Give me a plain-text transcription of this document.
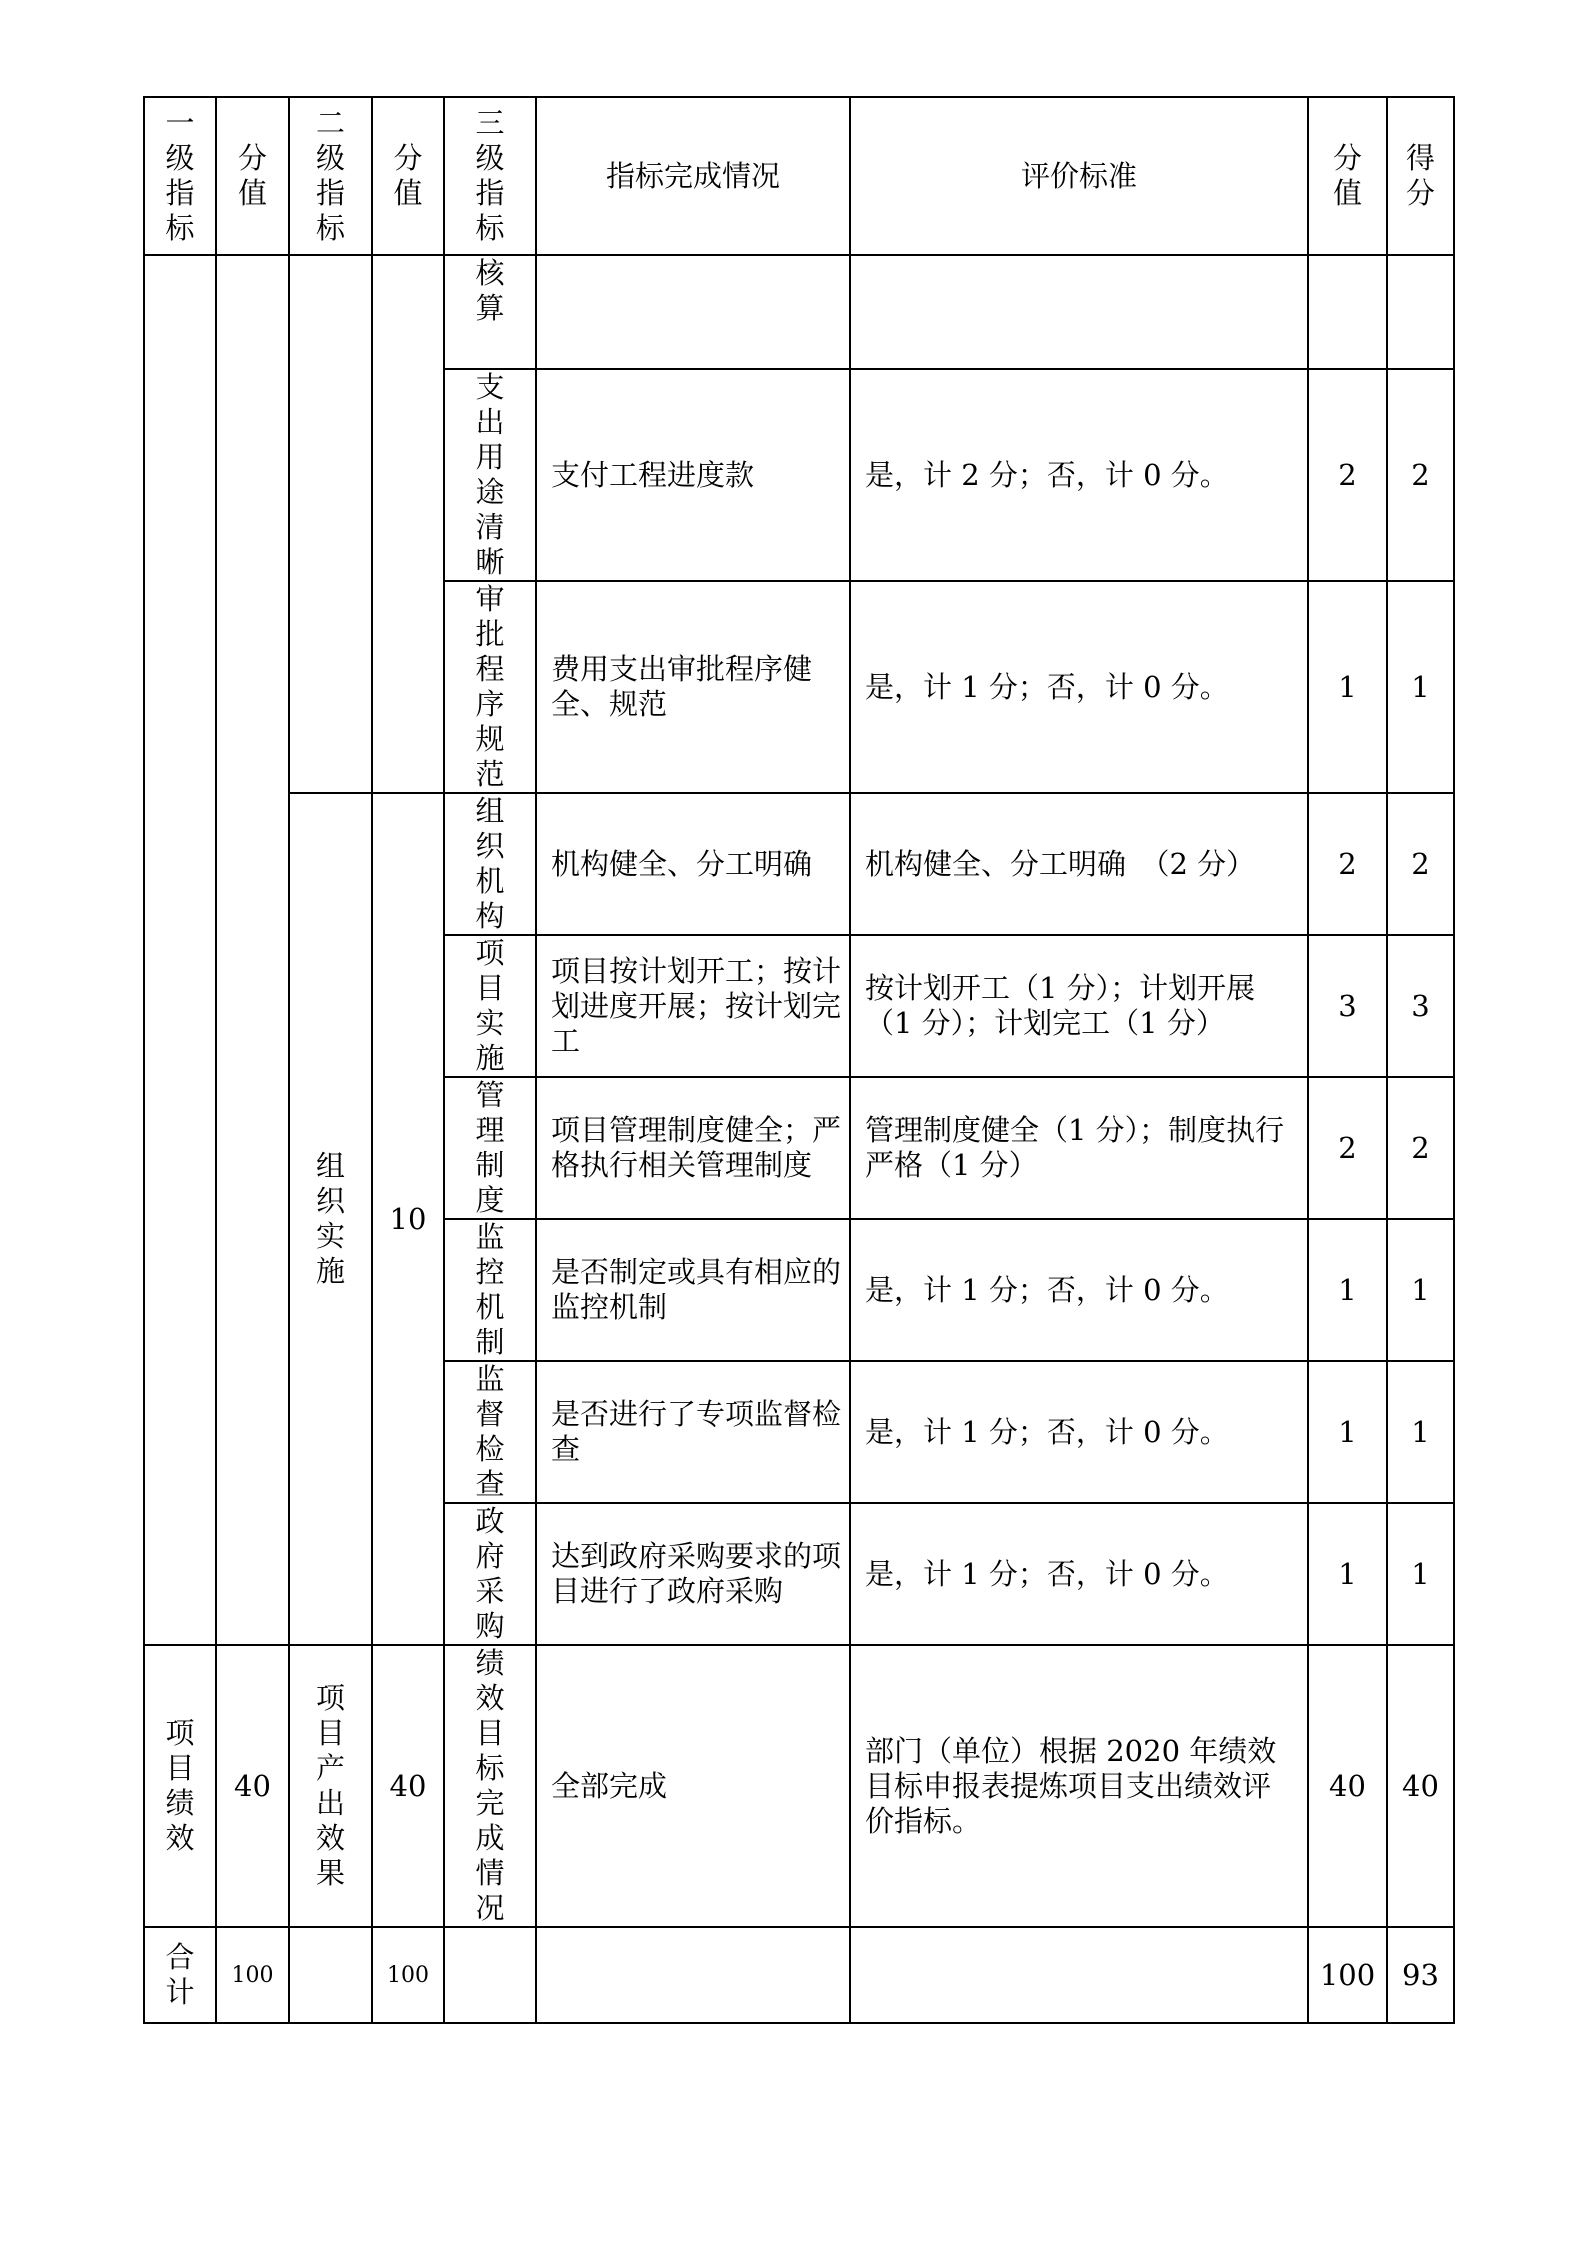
一级指标	分值	二级指标	分值	三级指标	指标完成情况	评价标准	分值	得分

				核算				

				支出用途清晰	支付工程进度款	是，计 2 分；否，计 0 分。	2	2

				审批程序规范	费用支出审批程序健全、规范	是，计 1 分；否，计 0 分。	1	1

		组织实施	10	组织机构	机构健全、分工明确	机构健全、分工明确　（2 分）	2	2

				项目实施	项目按计划开工；按计划进度开展；按计划完工	按计划开工（1 分）；计划开展（1 分）；计划完工（1 分）	3	3

				管理制度	项目管理制度健全；严格执行相关管理制度	管理制度健全（1 分）；制度执行严格（1 分）	2	2

				监控机制	是否制定或具有相应的监控机制	是，计 1 分；否，计 0 分。	1	1

				监督检查	是否进行了专项监督检查	是，计 1 分；否，计 0 分。	1	1

				政府采购	达到政府采购要求的项目进行了政府采购	是，计 1 分；否，计 0 分。	1	1

项目绩效	40	项目产出效果	40	绩效目标完成情况	全部完成	部门（单位）根据 2020 年绩效目标申报表提炼项目支出绩效评价指标。	40	40

合计	100		100				100	93
